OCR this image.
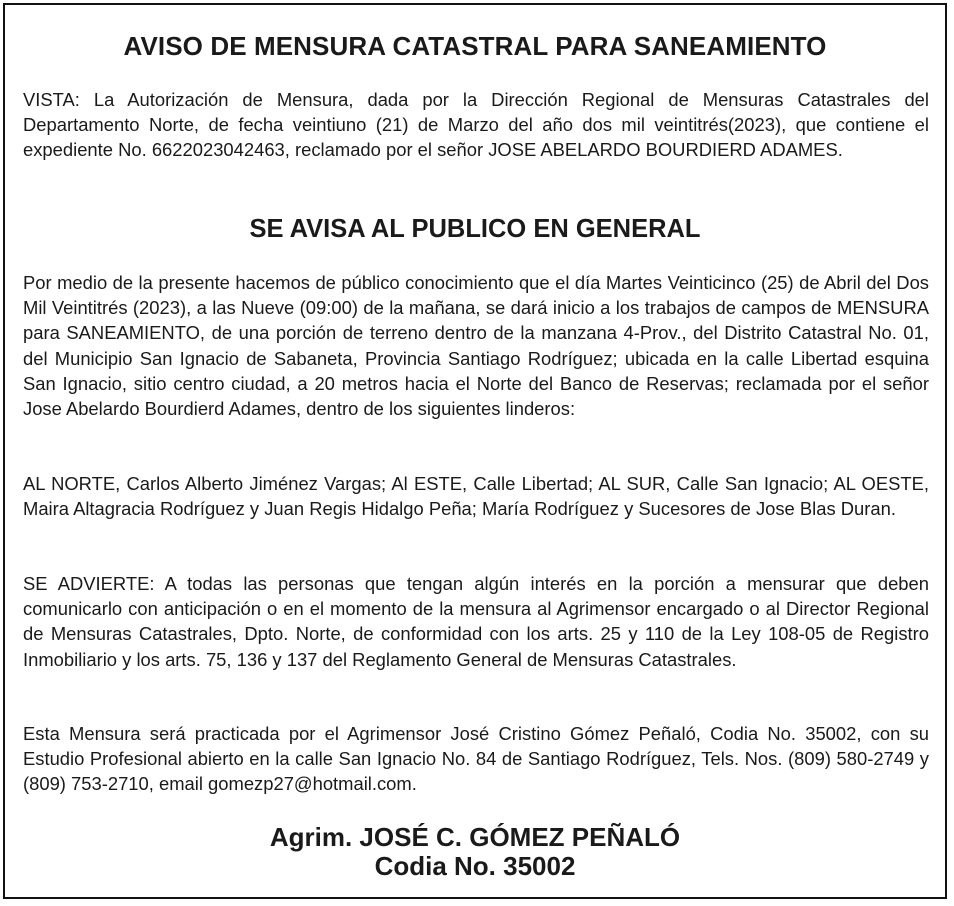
AVISO DE MENSURA CATASTRAL PARA SANEAMIENTO
VISTA: La Autorización de Mensura, dada por la Dirección Regional de Mensuras Catastrales del Departamento Norte, de fecha veintiuno (21) de Marzo del año dos mil veintitrés(2023), que contiene el expediente No. 6622023042463, reclamado por el señor JOSE ABELARDO BOURDIERD ADAMES.
SE AVISA AL PUBLICO EN GENERAL
Por medio de la presente hacemos de público conocimiento que el día Martes Veinticinco (25) de Abril del Dos Mil Veintitrés (2023), a las Nueve (09:00) de la mañana, se dará inicio a los trabajos de campos de MENSURA para SANEAMIENTO, de una porción de terreno dentro de la manzana 4-Prov., del Distrito Catastral No. 01, del Municipio San Ignacio de Sabaneta, Provincia Santiago Rodríguez; ubicada en la calle Libertad esquina San Ignacio, sitio centro ciudad, a 20 metros hacia el Norte del Banco de Reservas; reclamada por el señor Jose Abelardo Bourdierd Adames, dentro de los siguientes linderos:
AL NORTE, Carlos Alberto Jiménez Vargas; Al ESTE, Calle Libertad; AL SUR, Calle San Ignacio; AL OESTE, Maira Altagracia Rodríguez y Juan Regis Hidalgo Peña; María Rodríguez y Sucesores de Jose Blas Duran.
SE ADVIERTE: A todas las personas que tengan algún interés en la porción a mensurar que deben comunicarlo con anticipación o en el momento de la mensura al Agrimensor encargado o al Director Regional de Mensuras Catastrales, Dpto. Norte, de conformidad con los arts. 25 y 110 de la Ley 108-05 de Registro Inmobiliario y los arts. 75, 136 y 137 del Reglamento General de Mensuras Catastrales.
Esta Mensura será practicada por el Agrimensor José Cristino Gómez Peñaló, Codia No. 35002, con su Estudio Profesional abierto en la calle San Ignacio No. 84 de Santiago Rodríguez, Tels. Nos. (809) 580-2749 y (809) 753-2710, email gomezp27@hotmail.com.
Agrim. JOSÉ C. GÓMEZ PEÑALÓ
Codia No. 35002
